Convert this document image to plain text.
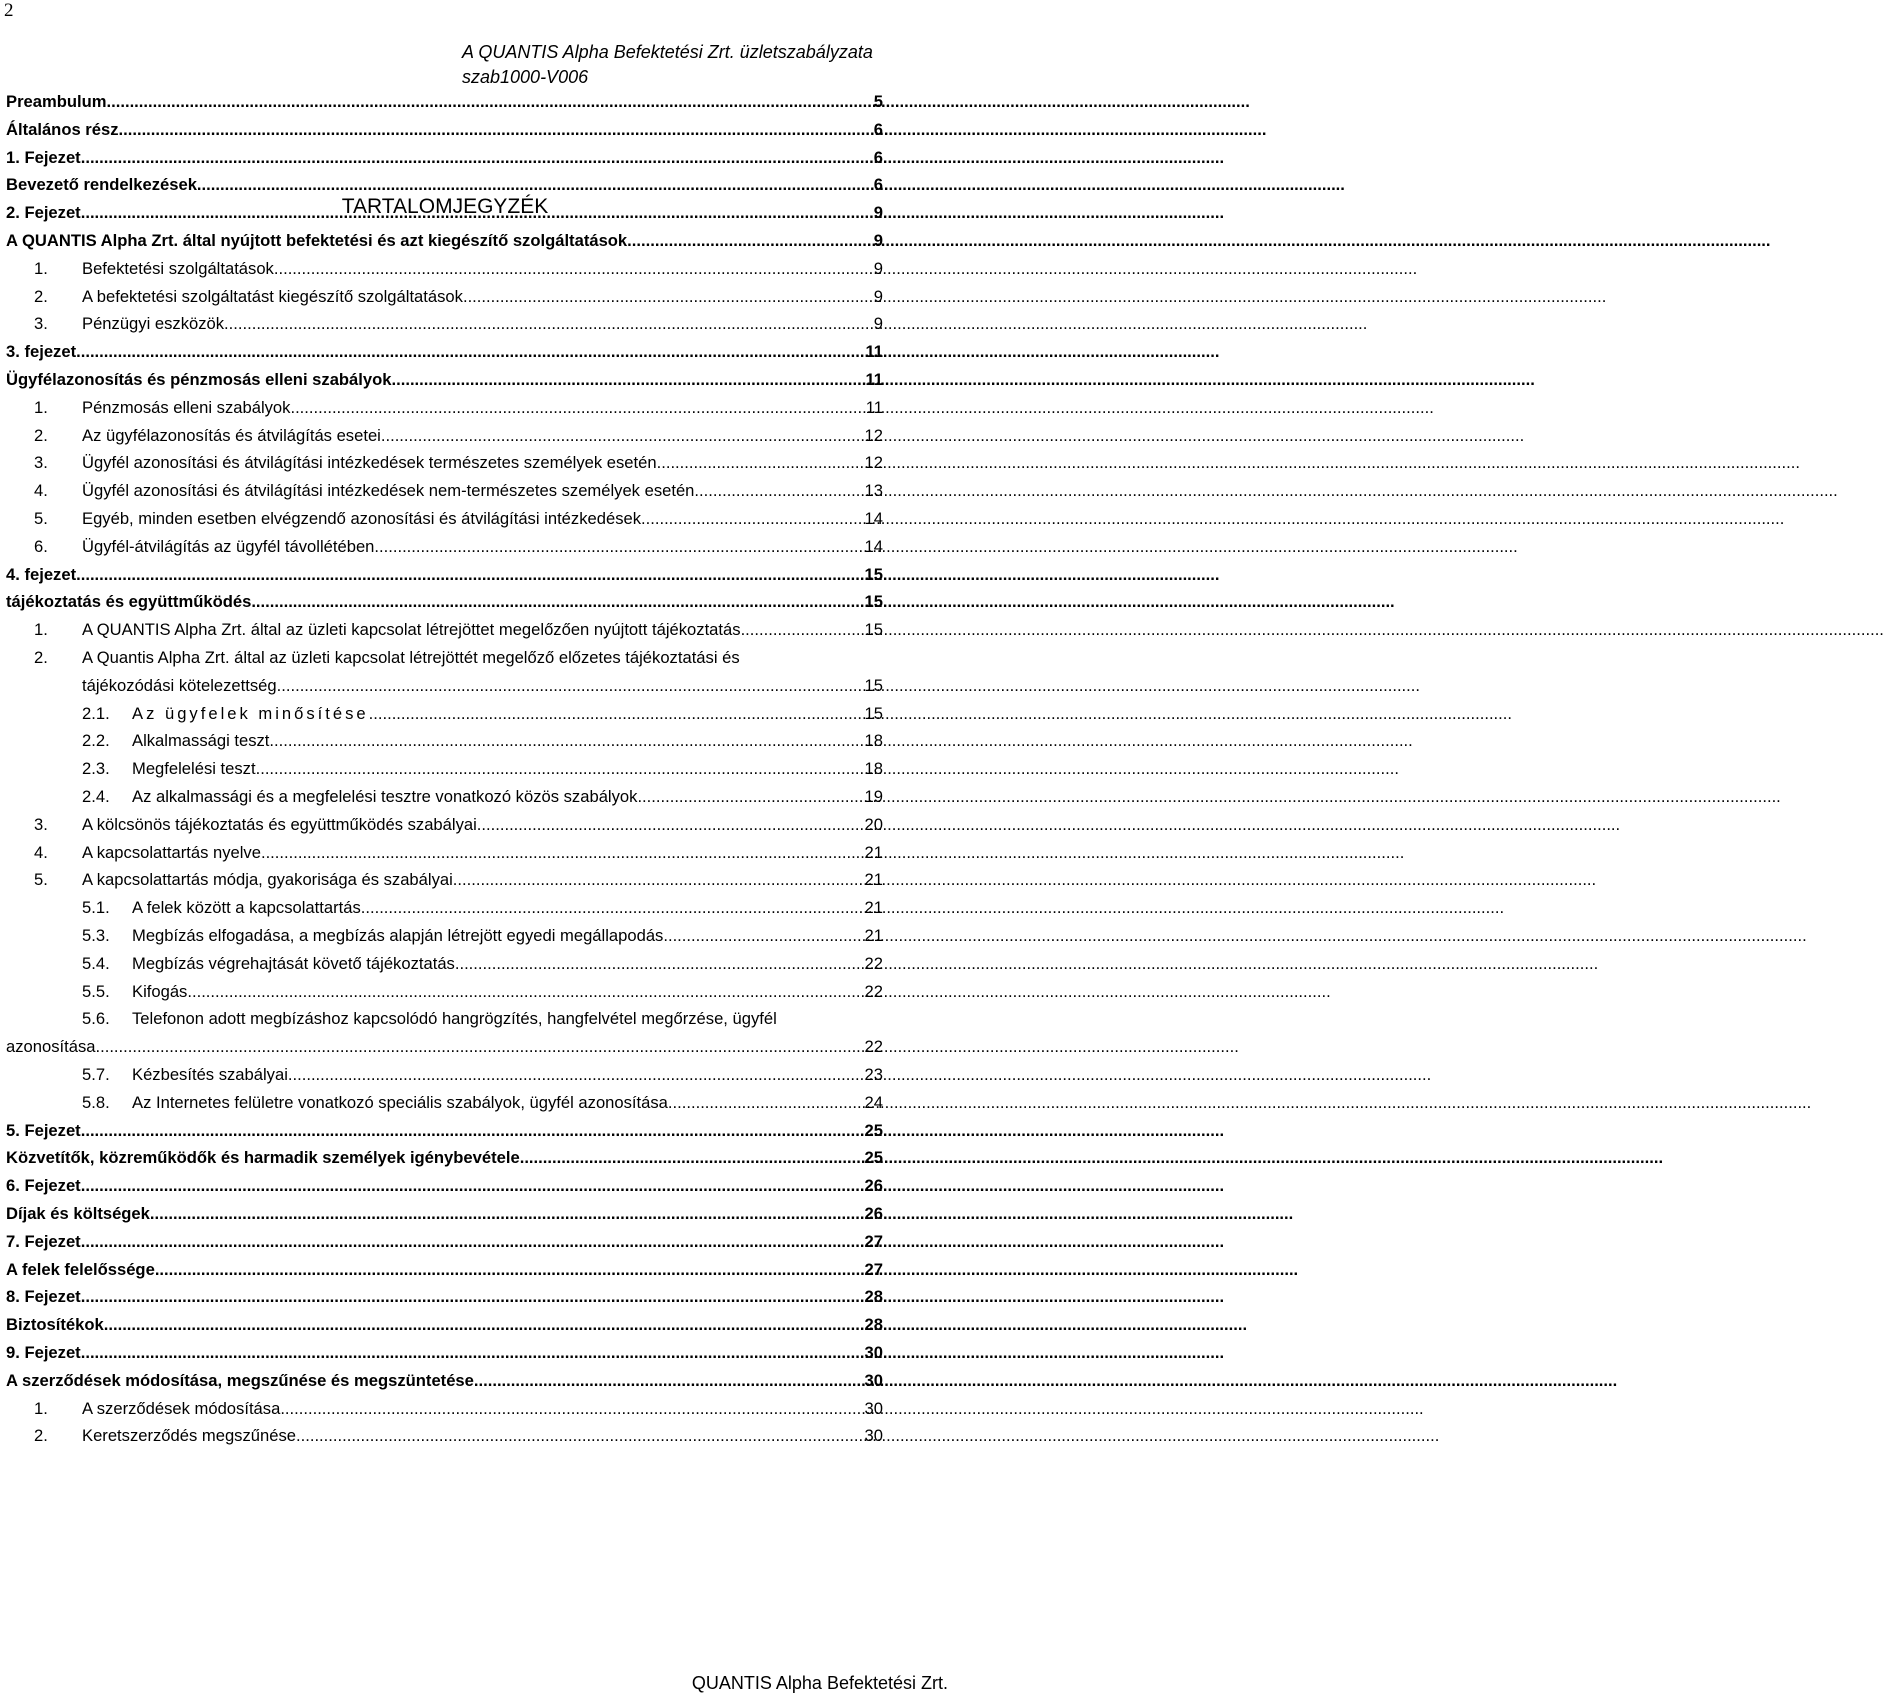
2
A QUANTIS Alpha Befektetési Zrt. üzletszabályzata
szab1000-V006
TARTALOMJEGYZÉK
Preambulum .....	5
Általános rész. .....	6
1. Fejezet .....	6
Bevezető rendelkezések. .....	6
2. Fejezet .....	9
A QUANTIS Alpha Zrt. által nyújtott befektetési és azt kiegészítő szolgáltatások .....	9
1.	Befektetési szolgáltatások .....	9
2.	A befektetési szolgáltatást kiegészítő szolgáltatások .....	9
3.	Pénzügyi eszközök .....	9
3. fejezet .....	11
Ügyfélazonosítás és pénzmosás elleni szabályok .....	11
1.	Pénzmosás elleni szabályok .....	11
2.	Az ügyfélazonosítás és átvilágítás esetei .....	12
3.	Ügyfél azonosítási és átvilágítási intézkedések természetes személyek esetén .....	12
4.	Ügyfél azonosítási és átvilágítási intézkedések nem-természetes személyek esetén .....	13
5.	Egyéb, minden esetben elvégzendő azonosítási és átvilágítási intézkedések .....	14
6.	Ügyfél-átvilágítás az ügyfél távollétében .....	14
4. fejezet .....	15
tájékoztatás és együttműködés .....	15
1.	A QUANTIS Alpha Zrt. által az üzleti kapcsolat létrejöttet megelőzően nyújtott tájékoztatás .....	15
2.	A Quantis Alpha Zrt. által az üzleti kapcsolat létrejöttét megelőző előzetes tájékoztatási és
tájékozódási kötelezettség .....	15
2.1.	Az ügyfelek minősítése .....	15
2.2.	Alkalmassági teszt .....	18
2.3.	Megfelelési teszt .....	18
2.4.	Az alkalmassági és a megfelelési tesztre vonatkozó közös szabályok .....	19
3.	A kölcsönös tájékoztatás és együttműködés szabályai .....	20
4.	A kapcsolattartás nyelve .....	21
5.	A kapcsolattartás módja, gyakorisága és szabályai .....	21
5.1.	A felek között a kapcsolattartás .....	21
5.3.	Megbízás elfogadása, a megbízás alapján létrejött egyedi megállapodás .....	21
5.4.	Megbízás végrehajtását követő tájékoztatás .....	22
5.5.	Kifogás .....	22
5.6.	Telefonon adott megbízáshoz kapcsolódó hangrögzítés, hangfelvétel megőrzése, ügyfél
azonosítása .....	22
5.7.	Kézbesítés szabályai .....	23
5.8.	Az Internetes felületre vonatkozó speciális szabályok, ügyfél azonosítása .....	24
5. Fejezet .....	25
Közvetítők, közreműködők és harmadik személyek igénybevétele .....	25
6. Fejezet .....	26
Díjak és költségek .....	26
7. Fejezet .....	27
A felek felelőssége .....	27
8. Fejezet .....	28
Biztosítékok .....	28
9. Fejezet .....	30
A szerződések módosítása, megszűnése és megszüntetése .....	30
1.	A szerződések módosítása .....	30
2.	Keretszerződés megszűnése .....	30
QUANTIS Alpha Befektetési Zrt.
